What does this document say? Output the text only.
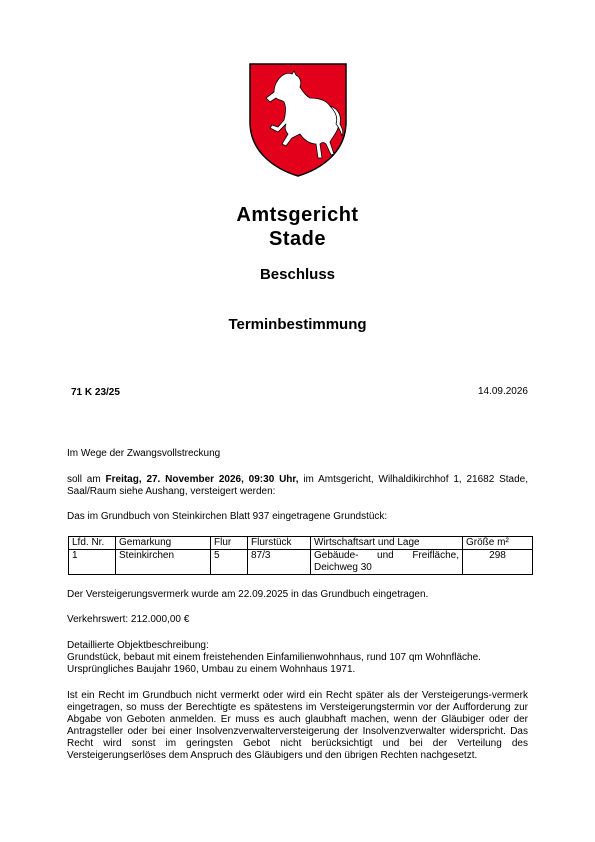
Amtsgericht
Stade
Beschluss
Terminbestimmung
71 K 23/25	14.09.2026
Im Wege der Zwangsvollstreckung
soll am Freitag, 27. November 2026, 09:30 Uhr, im Amtsgericht, Wilhaldikirchhof 1, 21682 Stade, Saal/Raum siehe Aushang, versteigert werden:
Das im Grundbuch von Steinkirchen Blatt 937 eingetragene Grundstück:
Lfd. Nr.	Gemarkung	Flur	Flurstück	Wirtschaftsart und Lage	Größe m²
1	Steinkirchen	5	87/3	Gebäude- und Freifläche,
Deichweg 30	298
Der Versteigerungsvermerk wurde am 22.09.2025 in das Grundbuch eingetragen.
Verkehrswert: 212.000,00 €
Detaillierte Objektbeschreibung:
Grundstück, bebaut mit einem freistehenden Einfamilienwohnhaus, rund 107 qm Wohnfläche.
Ursprüngliches Baujahr 1960, Umbau zu einem Wohnhaus 1971.
Ist ein Recht im Grundbuch nicht vermerkt oder wird ein Recht später als der Versteigerungs-vermerk eingetragen, so muss der Berechtigte es spätestens im Versteigerungstermin vor der Aufforderung zur Abgabe von Geboten anmelden. Er muss es auch glaubhaft machen, wenn der Gläubiger oder der Antragsteller oder bei einer Insolvenzverwalterversteigerung der Insolvenzverwalter widerspricht. Das Recht wird sonst im geringsten Gebot nicht berücksichtigt und bei der Verteilung des Versteigerungserlöses dem Anspruch des Gläubigers und den übrigen Rechten nachgesetzt.
